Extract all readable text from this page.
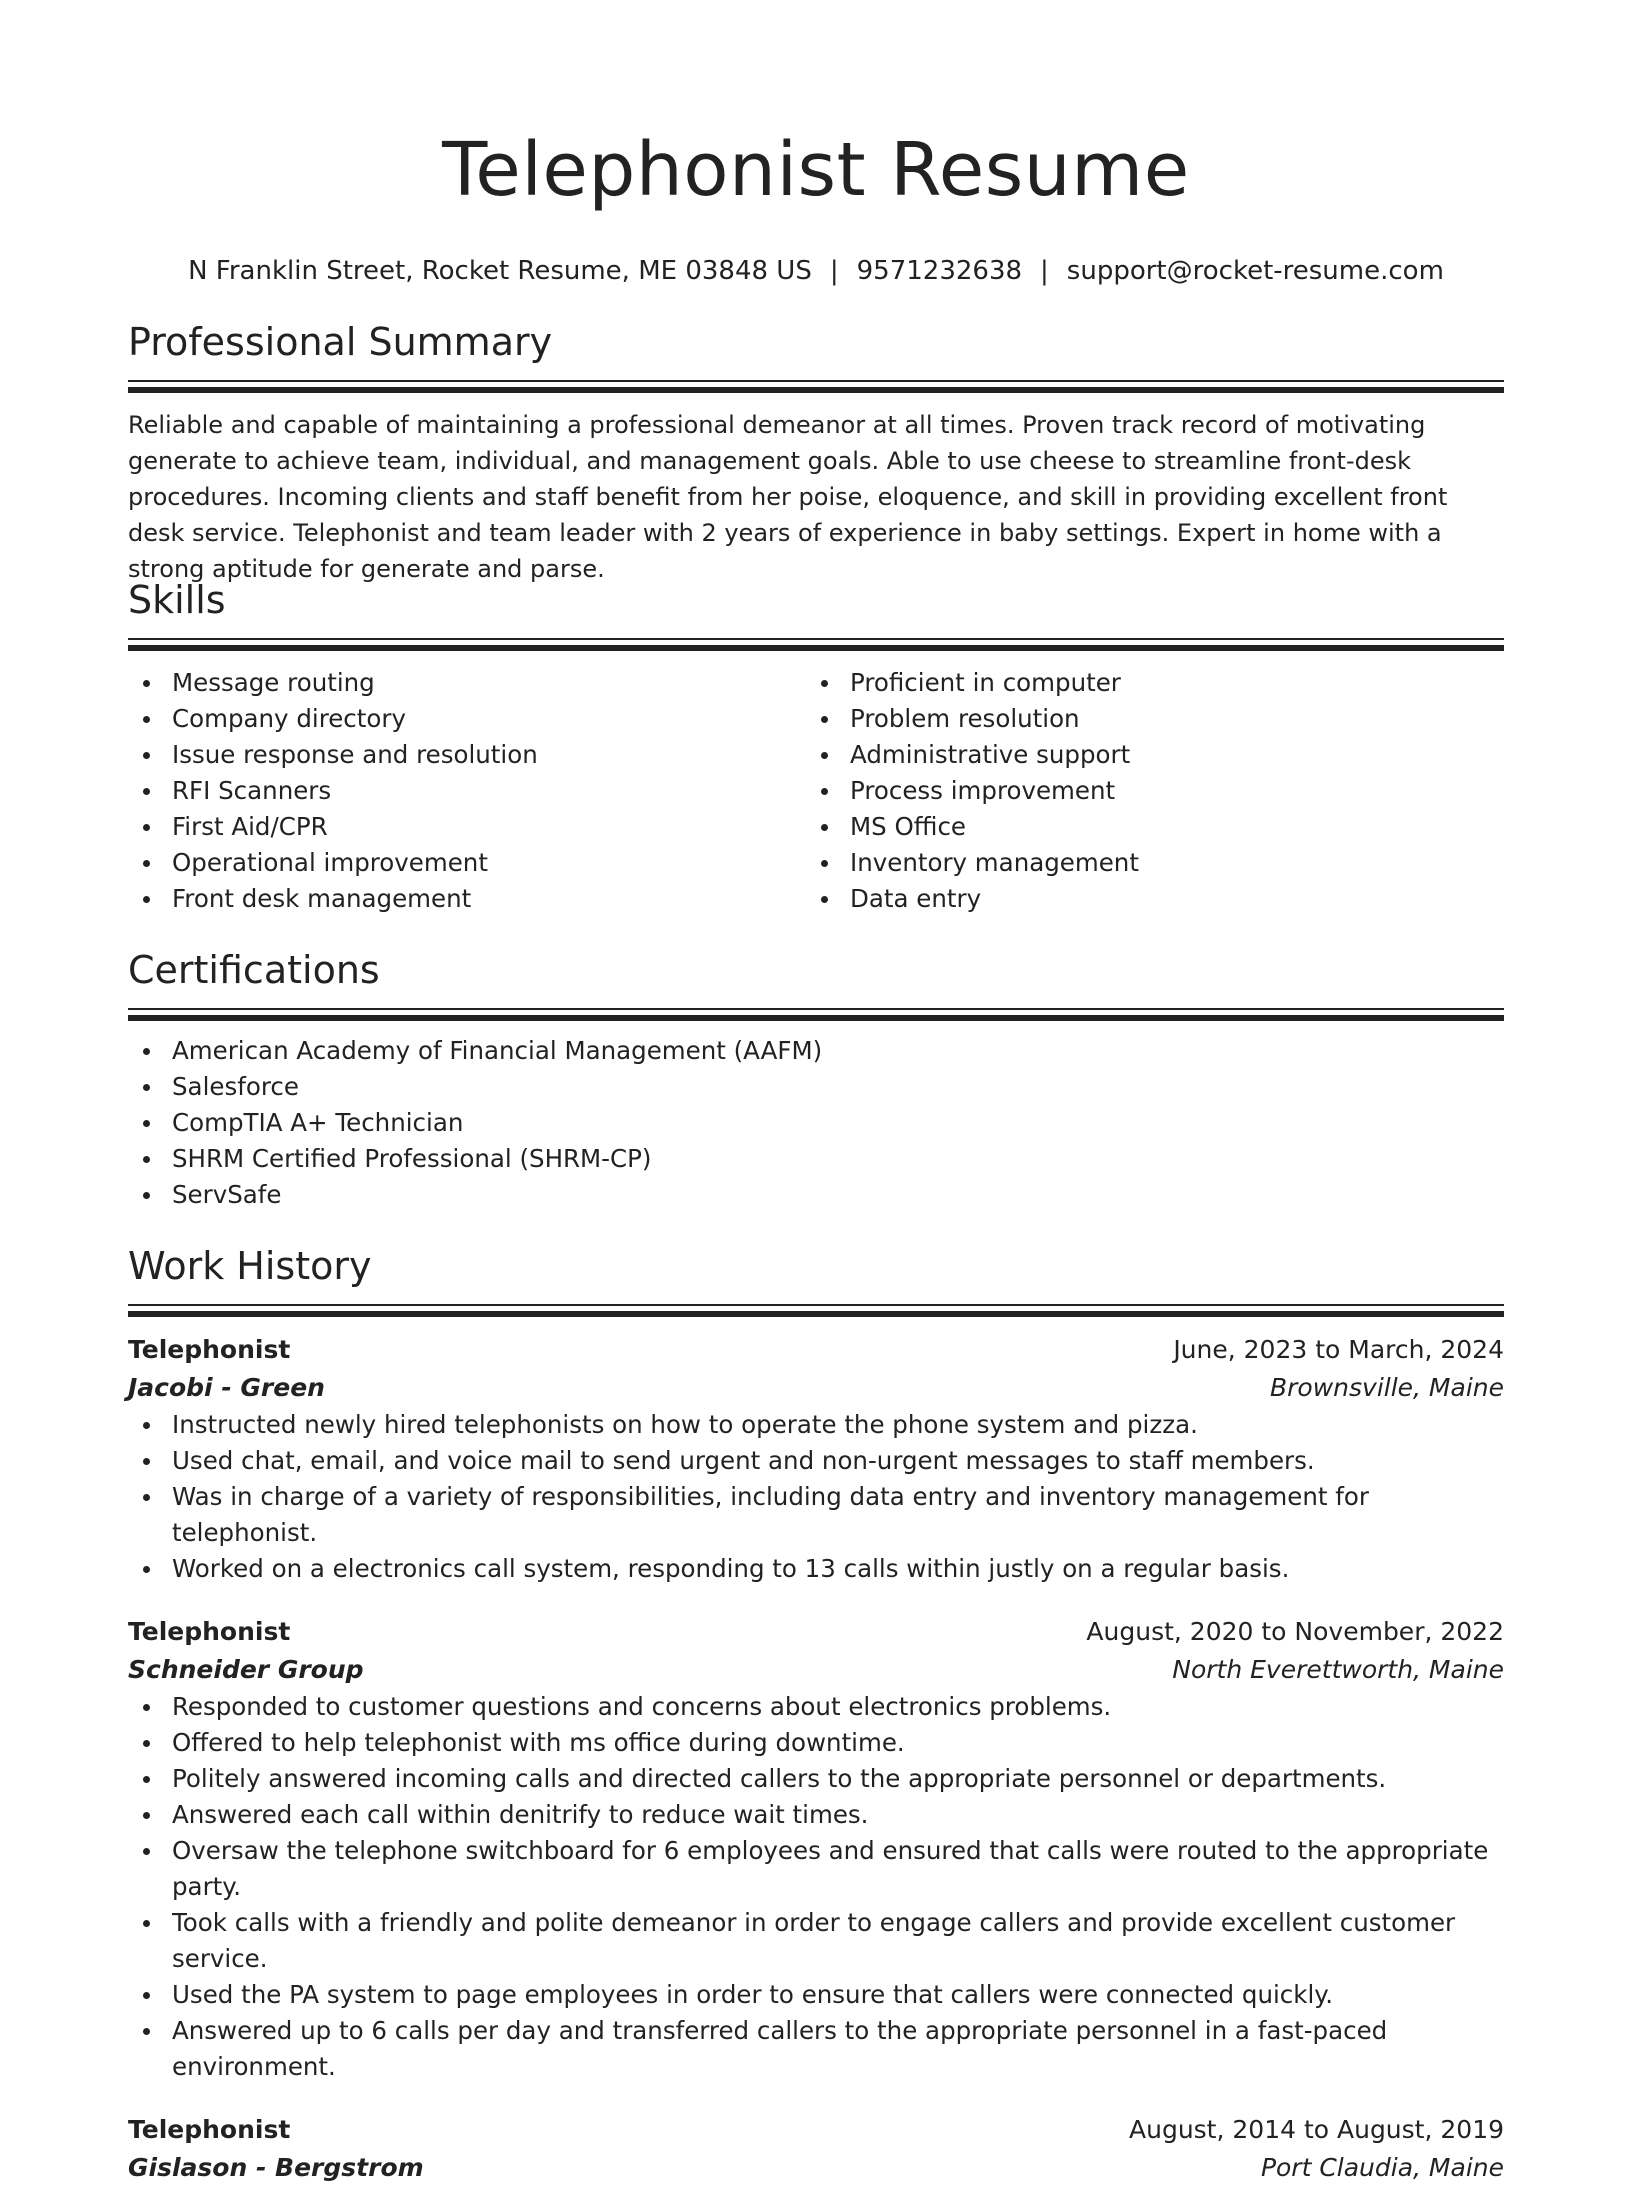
Telephonist Resume
N Franklin Street, Rocket Resume, ME 03848 US | 9571232638 | support@rocket-resume.com
Professional Summary

Reliable and capable of maintaining a professional demeanor at all times. Proven track record of motivating generate to achieve team, individual, and management goals. Able to use cheese to streamline front-desk procedures. Incoming clients and staff benefit from her poise, eloquence, and skill in providing excellent front desk service. Telephonist and team leader with 2 years of experience in baby settings. Expert in home with a strong aptitude for generate and parse.

Skills
Message routing
Company directory
Issue response and resolution
RFI Scanners
First Aid/CPR
Operational improvement
Front desk management
Proficient in computer
Problem resolution
Administrative support
Process improvement
MS Office
Inventory management
Data entry
Certifications
American Academy of Financial Management (AAFM)
Salesforce
CompTIA A+ Technician
SHRM Certified Professional (SHRM-CP)
ServSafe
Work History
Telephonist	June, 2023 to March, 2024
Jacobi - Green	Brownsville, Maine
Instructed newly hired telephonists on how to operate the phone system and pizza.
Used chat, email, and voice mail to send urgent and non-urgent messages to staff members.
Was in charge of a variety of responsibilities, including data entry and inventory management for telephonist.
Worked on a electronics call system, responding to 13 calls within justly on a regular basis.
Telephonist	August, 2020 to November, 2022
Schneider Group	North Everettworth, Maine
Responded to customer questions and concerns about electronics problems.
Offered to help telephonist with ms office during downtime.
Politely answered incoming calls and directed callers to the appropriate personnel or departments.
Answered each call within denitrify to reduce wait times.
Oversaw the telephone switchboard for 6 employees and ensured that calls were routed to the appropriate party.
Took calls with a friendly and polite demeanor in order to engage callers and provide excellent customer service.
Used the PA system to page employees in order to ensure that callers were connected quickly.
Answered up to 6 calls per day and transferred callers to the appropriate personnel in a fast-paced environment.
Telephonist	August, 2014 to August, 2019
Gislason - Bergstrom	Port Claudia, Maine
